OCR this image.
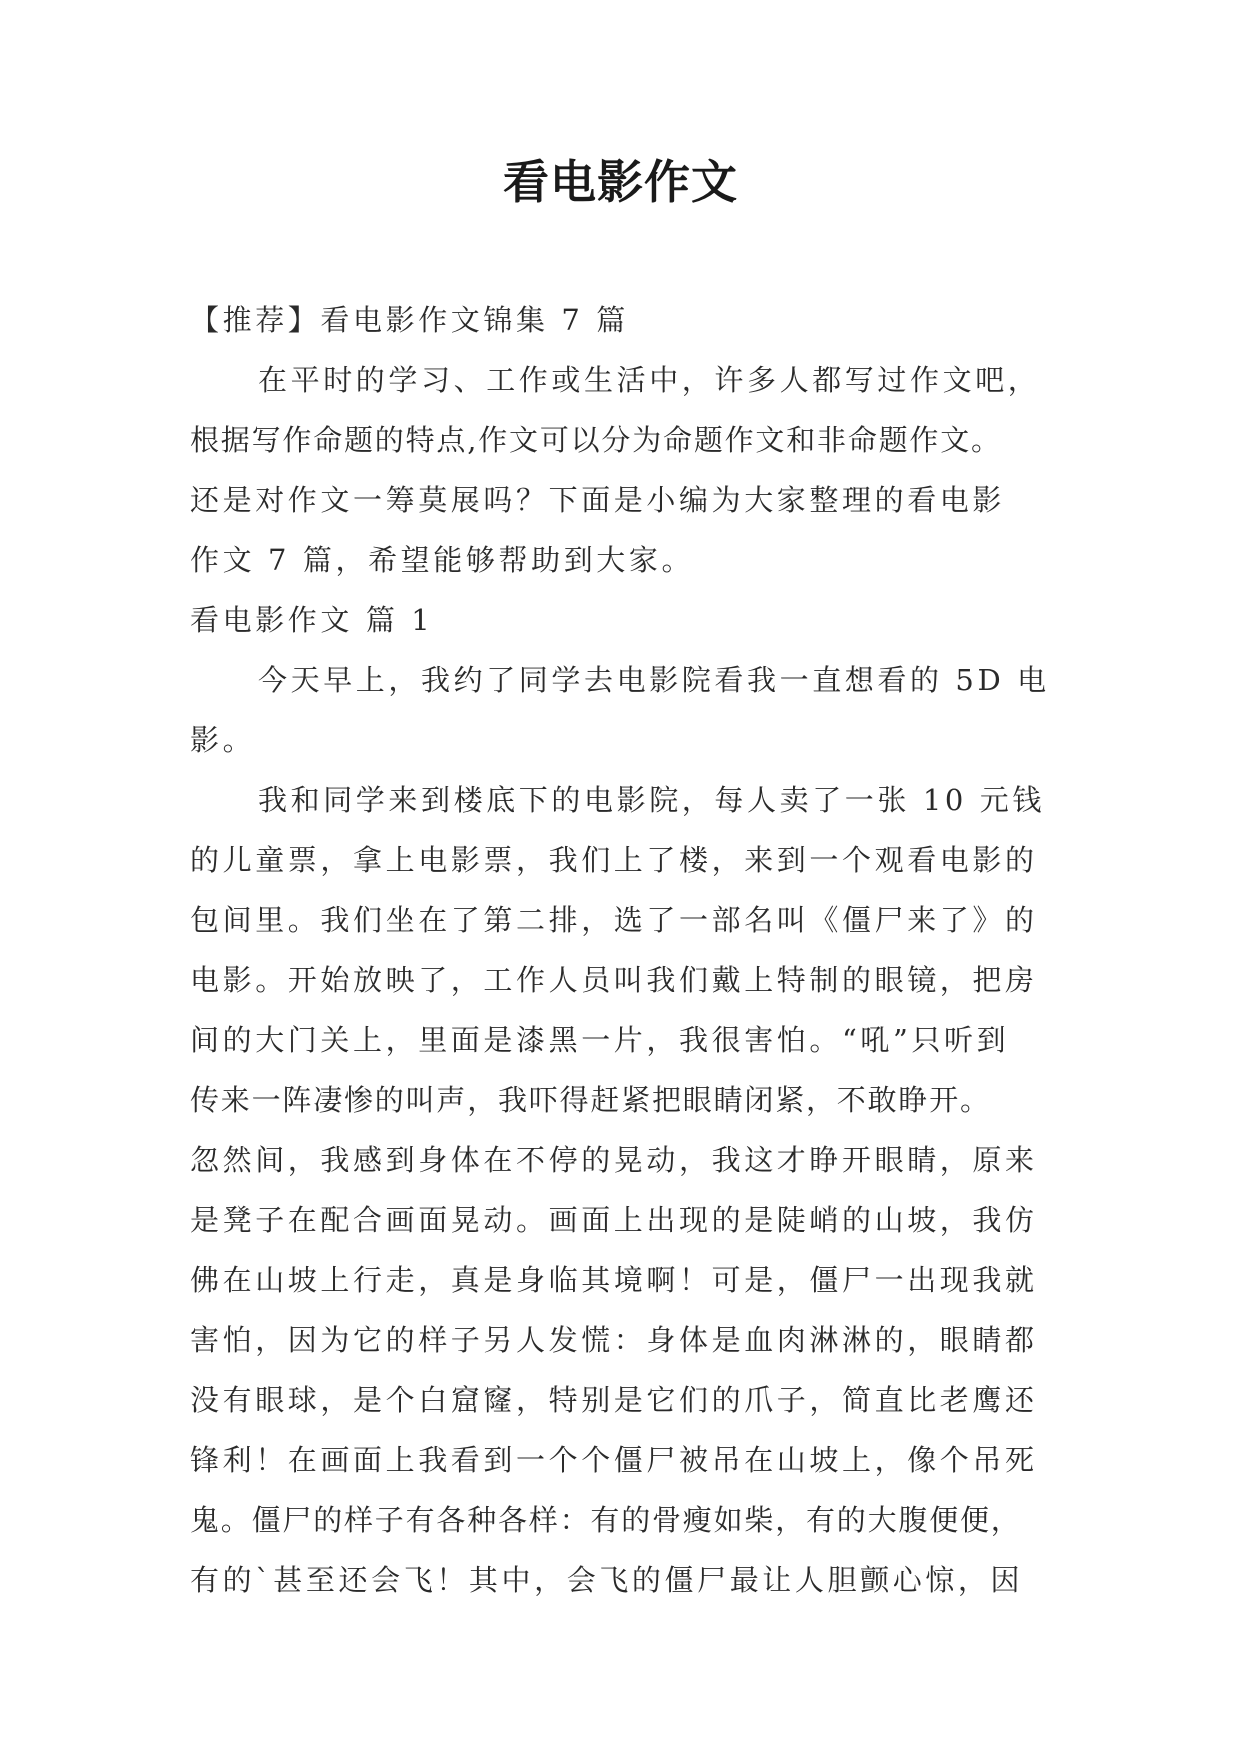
看电影作文
【推荐】看电影作文锦集 7 篇
在平时的学习、工作或生活中，许多人都写过作文吧，
根据写作命题的特点,作文可以分为命题作文和非命题作文。
还是对作文一筹莫展吗？下面是小编为大家整理的看电影
作文 7 篇，希望能够帮助到大家。
看电影作文 篇 1
今天早上，我约了同学去电影院看我一直想看的 5D 电
影。
我和同学来到楼底下的电影院，每人卖了一张 10 元钱
的儿童票，拿上电影票，我们上了楼，来到一个观看电影的
包间里。我们坐在了第二排，选了一部名叫《僵尸来了》的
电影。开始放映了，工作人员叫我们戴上特制的眼镜，把房
间的大门关上，里面是漆黑一片，我很害怕。“吼”只听到
传来一阵凄惨的叫声，我吓得赶紧把眼睛闭紧，不敢睁开。
忽然间，我感到身体在不停的晃动，我这才睁开眼睛，原来
是凳子在配合画面晃动。画面上出现的是陡峭的山坡，我仿
佛在山坡上行走，真是身临其境啊！可是，僵尸一出现我就
害怕，因为它的样子另人发慌：身体是血肉淋淋的，眼睛都
没有眼球，是个白窟窿，特别是它们的爪子，简直比老鹰还
锋利！在画面上我看到一个个僵尸被吊在山坡上，像个吊死
鬼。僵尸的样子有各种各样：有的骨瘦如柴，有的大腹便便，
有的`甚至还会飞！其中，会飞的僵尸最让人胆颤心惊，因
